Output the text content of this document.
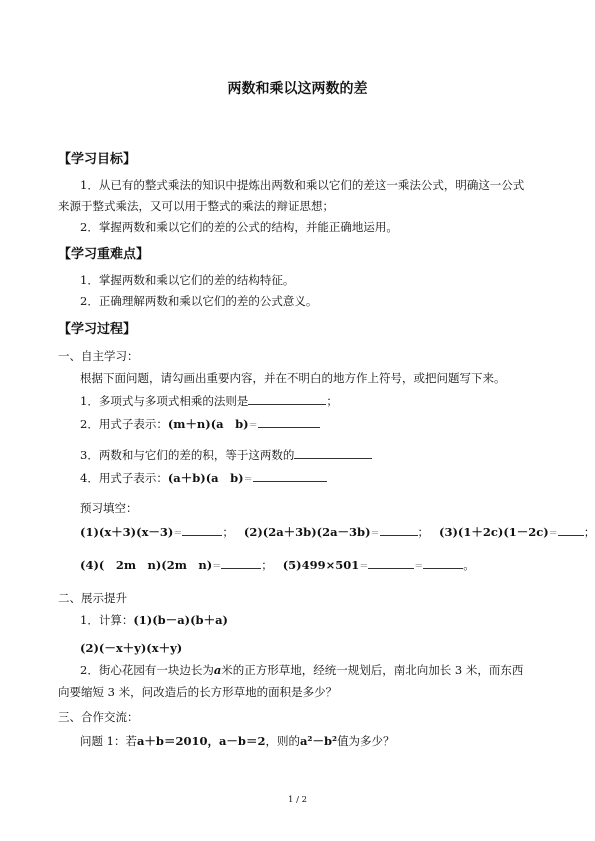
两数和乘以这两数的差
【学习目标】
1．从已有的整式乘法的知识中提炼出两数和乘以它们的差这一乘法公式，明确这一公式
来源于整式乘法，又可以用于整式的乘法的辩证思想；
2．掌握两数和乘以它们的差的公式的结构，并能正确地运用。
【学习重难点】
1．掌握两数和乘以它们的差的结构特征。
2．正确理解两数和乘以它们的差的公式意义。
【学习过程】
一、自主学习：
根据下面问题，请勾画出重要内容，并在不明白的地方作上符号，或把问题写下来。
1．多项式与多项式相乘的法则是	；
2．用式子表示：(m＋n)(a　b)＝
3．两数和与它们的差的积，等于这两数的
4．用式子表示：(a＋b)(a　b)＝
预习填空：
(1)(x＋3)(x－3)＝	； (2)(2a＋3b)(2a－3b)＝	； (3)(1＋2c)(1－2c)＝ ；
(4)(　2m　n)(2m　n)＝	； (5)499×501＝	＝	。
二、展示提升
1．计算：(1)(b－a)(b＋a)
(2)(－x＋y)(x＋y)
2．街心花园有一块边长为a米的正方形草地，经统一规划后，南北向加长 3 米，而东西
向要缩短 3 米，问改造后的长方形草地的面积是多少？
三、合作交流：
问题 1：若a＋b＝2010，a－b＝2，则的a²－b²值为多少？
1 / 2
